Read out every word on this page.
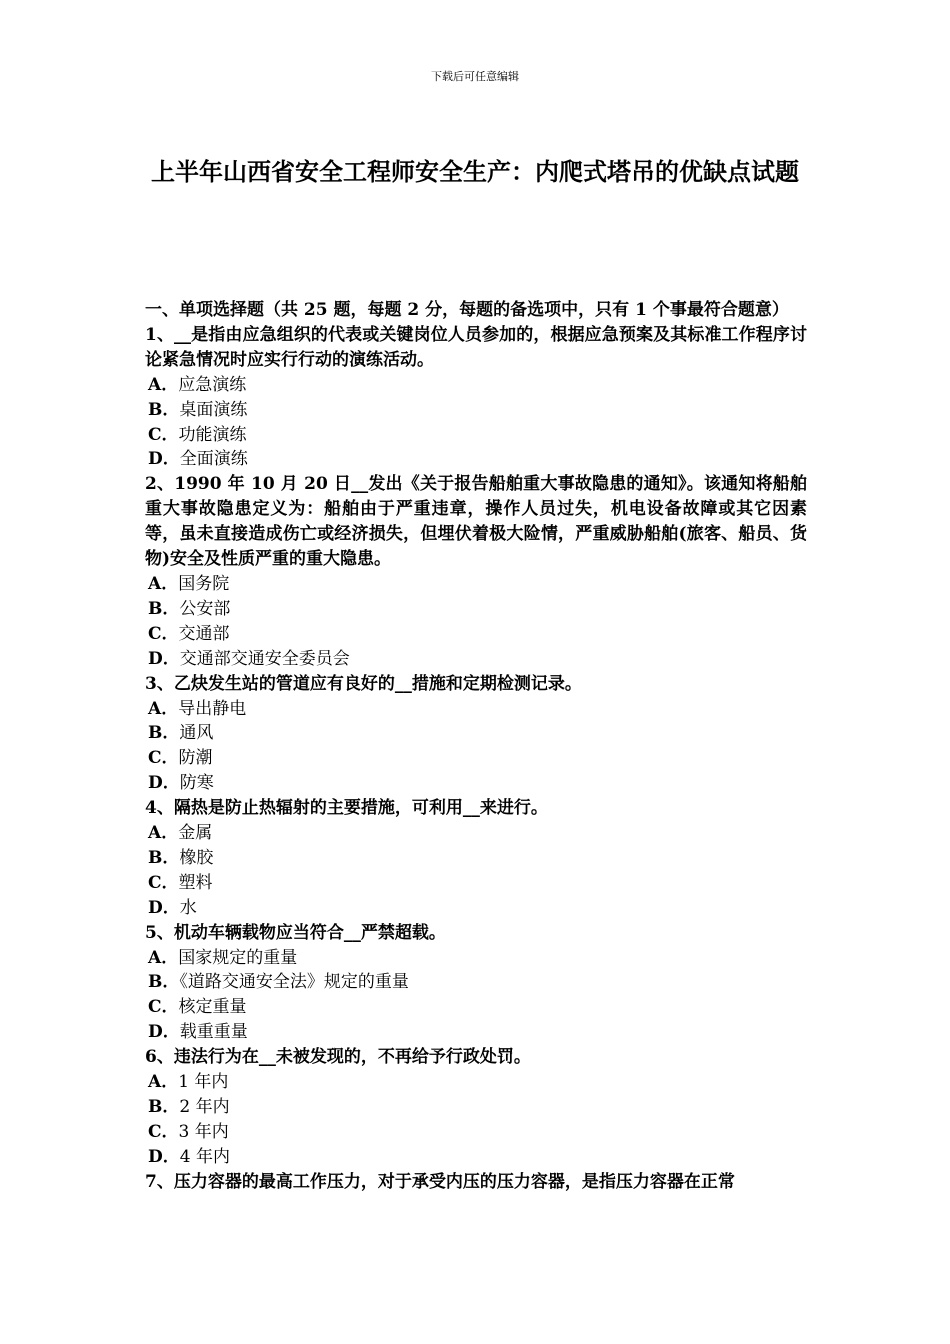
下载后可任意编辑
上半年山西省安全工程师安全生产：内爬式塔吊的优缺点试题

一、单项选择题（共 25 题，每题 2 分，每题的备选项中，只有 1 个事最符合题意）

1、__是指由应急组织的代表或关键岗位人员参加的，根据应急预案及其标准工作程序讨论紧急情况时应实行行动的演练活动。

A．应急演练

B．桌面演练

C．功能演练

D．全面演练

2、1990 年 10 月 20 日__发出《关于报告船舶重大事故隐患的通知》。该通知将船舶重大事故隐患定义为：船舶由于严重违章，操作人员过失，机电设备故障或其它因素等，虽未直接造成伤亡或经济损失，但埋伏着极大险情，严重威胁船舶(旅客、船员、货物)安全及性质严重的重大隐患。

A．国务院

B．公安部

C．交通部

D．交通部交通安全委员会

3、乙炔发生站的管道应有良好的__措施和定期检测记录。

A．导出静电

B．通风

C．防潮

D．防寒

4、隔热是防止热辐射的主要措施，可利用__来进行。

A．金属

B．橡胶

C．塑料

D．水

5、机动车辆载物应当符合__严禁超载。

A．国家规定的重量

B．《道路交通安全法》规定的重量

C．核定重量

D．载重重量

6、违法行为在__未被发现的，不再给予行政处罚。

A．1 年内

B．2 年内

C．3 年内

D．4 年内

7、压力容器的最高工作压力，对于承受内压的压力容器，是指压力容器在正常
